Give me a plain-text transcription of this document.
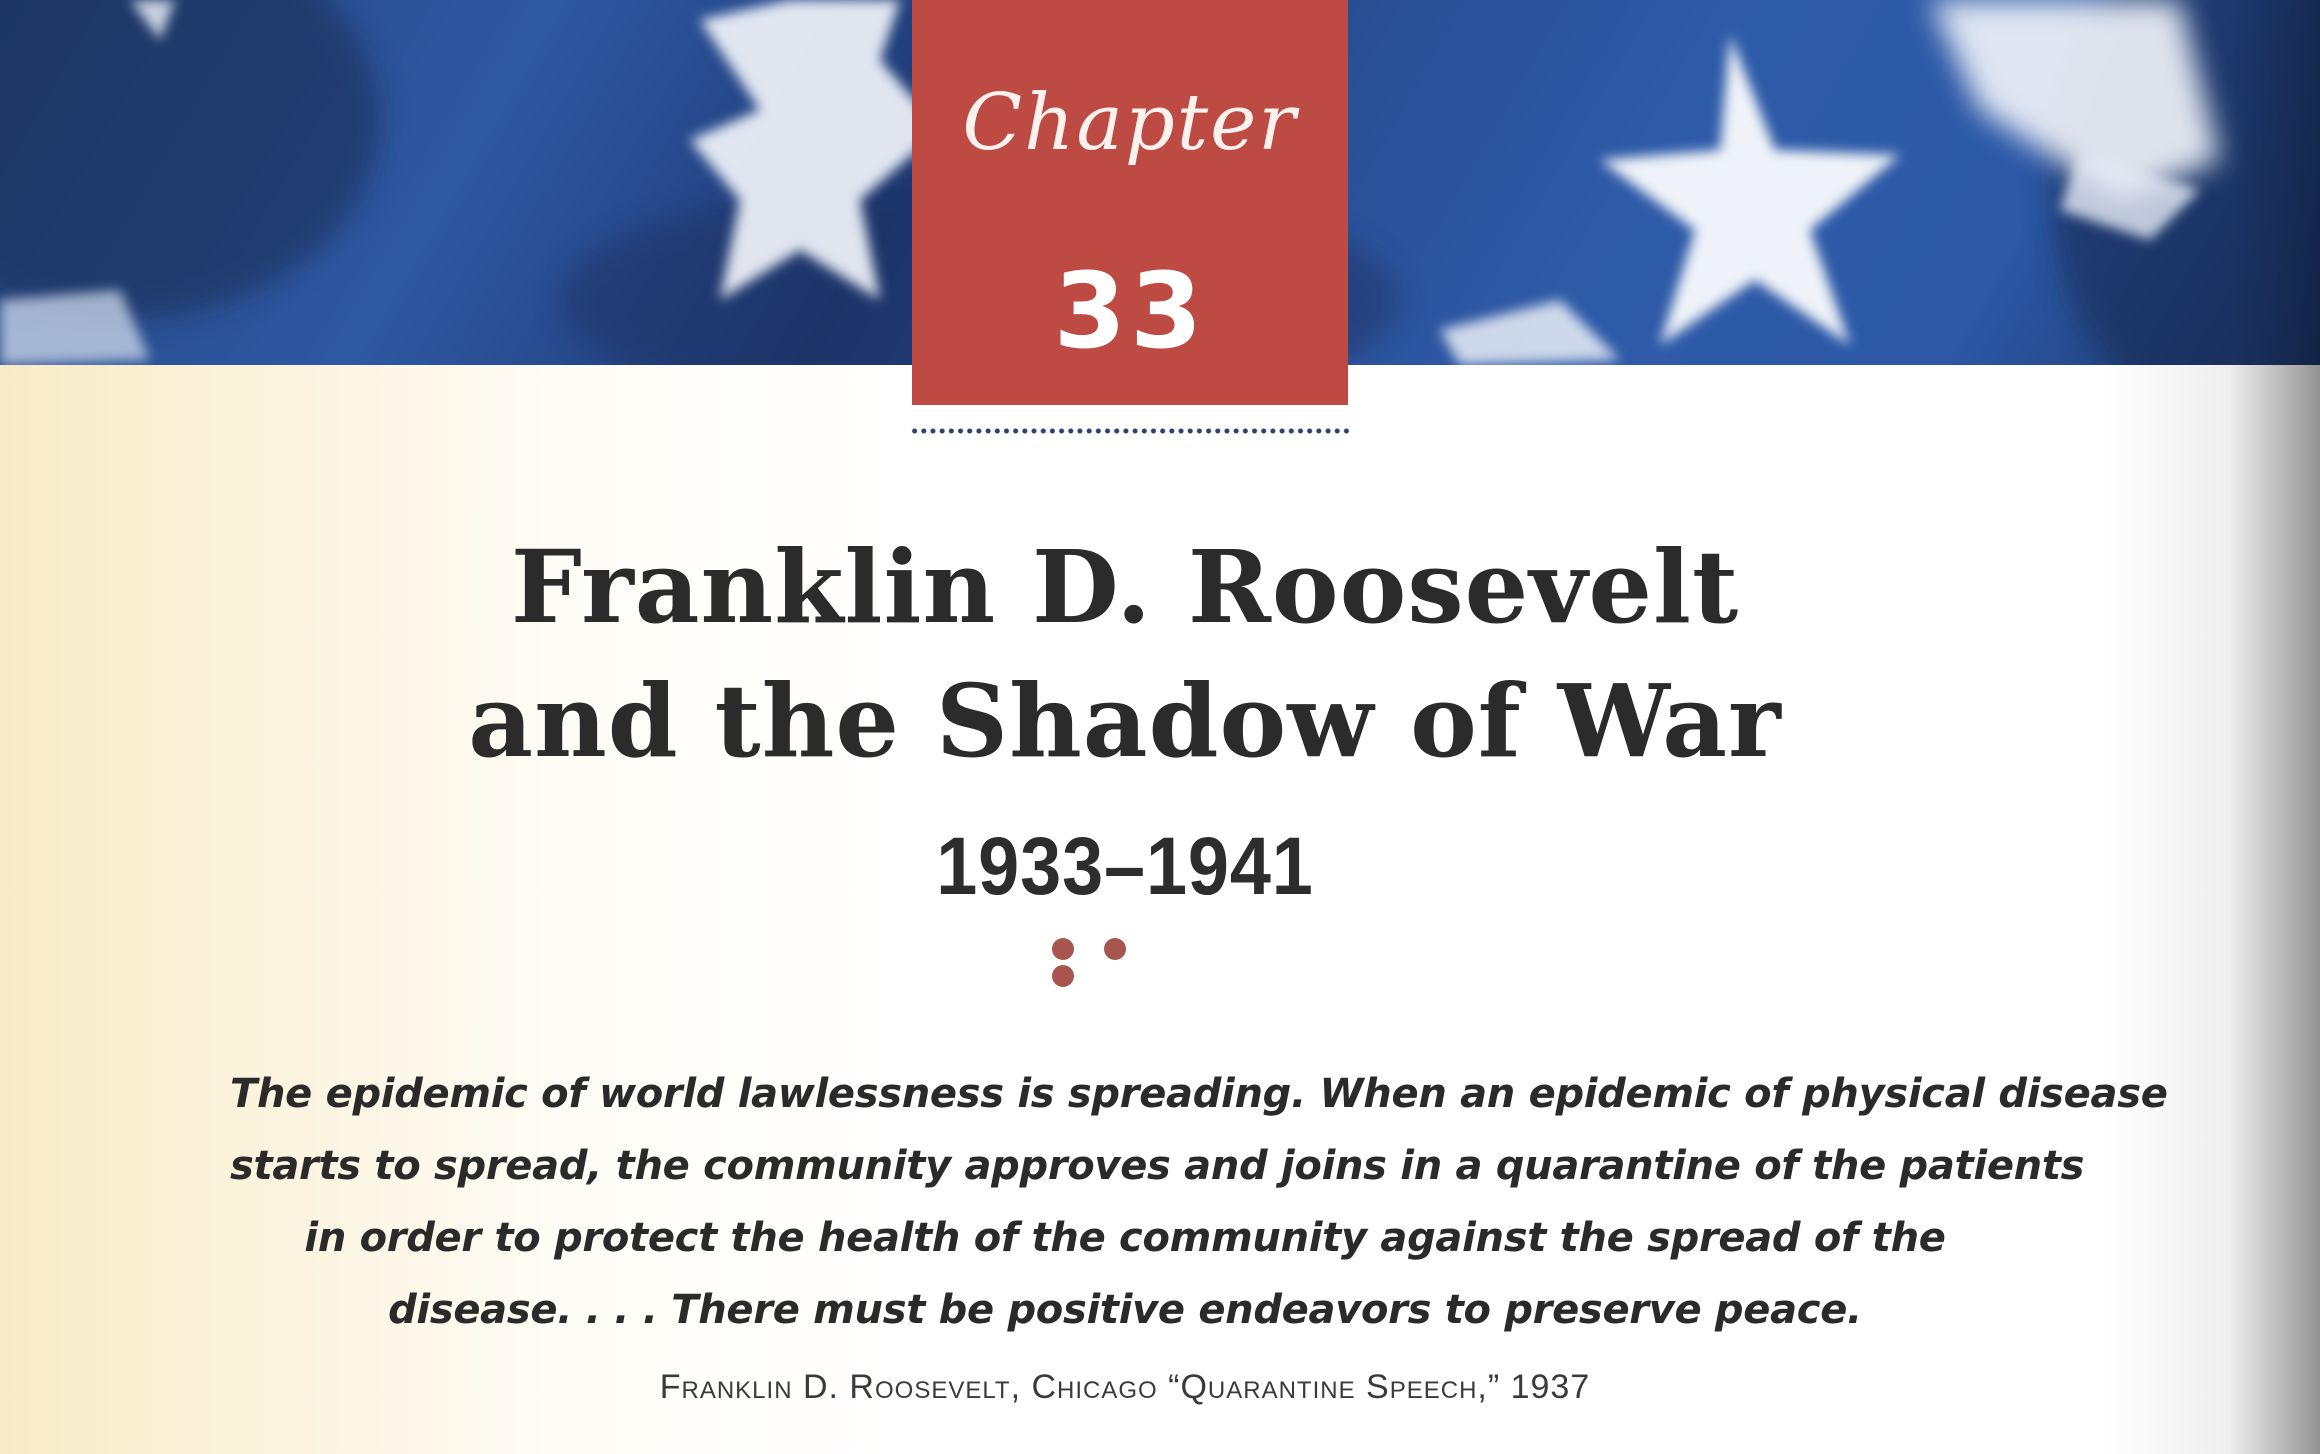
Chapter
33
Franklin D. Roosevelt
and the Shadow of War
1933–1941
The epidemic of world lawlessness is spreading. When an epidemic of physical disease
starts to spread, the community approves and joins in a quarantine of the patients
in order to protect the health of the community against the spread of the
disease. . . . There must be positive endeavors to preserve peace.
Franklin D. Roosevelt, Chicago “Quarantine Speech,” 1937
